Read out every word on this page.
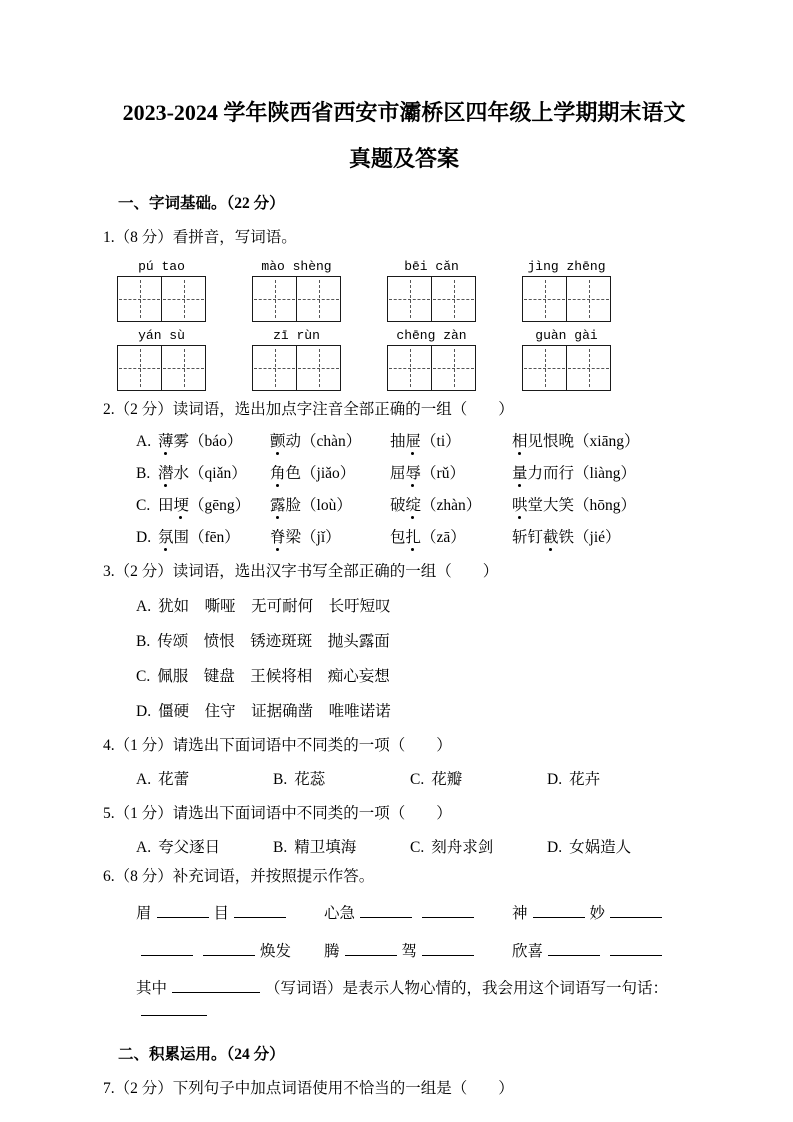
2023-2024 学年陕西省西安市灞桥区四年级上学期期末语文
真题及答案
一、字词基础。（22 分）
1.（8 分）看拼音，写词语。
pú tao	mào shèng	bēi cǎn	jìng zhēng
yán sù	zī rùn	chēng zàn	guàn gài
2.（2 分）读词语，选出加点字注音全部正确的一组（　　）
A. 薄雾（báo）	颤动（chàn）	抽屉（ti）	相见恨晚（xiāng）
B. 潜水（qiǎn）	角色（jiǎo）	屈辱（rǔ）	量力而行（liàng）
C. 田埂（gēng）	露脸（loù）	破绽（zhàn）	哄堂大笑（hōng）
D. 氛围（fēn）	脊梁（jǐ）	包扎（zā）	斩钉截铁（jié）
3.（2 分）读词语，选出汉字书写全部正确的一组（　　）
A. 犹如　嘶哑　无可耐何　长吁短叹
B. 传颂　愤恨　锈迹斑斑　抛头露面
C. 佩服　键盘　王候将相　痴心妄想
D. 僵硬　住守　证据确凿　唯唯诺诺
4.（1 分）请选出下面词语中不同类的一项（　　）
A. 花蕾	B. 花蕊	C. 花瓣	D. 花卉
5.（1 分）请选出下面词语中不同类的一项（　　）
A. 夸父逐日	B. 精卫填海	C. 刻舟求剑	D. 女娲造人
6.（8 分）补充词语，并按照提示作答。
眉	目	心急	神	妙
焕发	腾	驾	欣喜
其中	（写词语）是表示人物心情的，我会用这个词语写一句话：
二、积累运用。（24 分）
7.（2 分）下列句子中加点词语使用不恰当的一组是（　　）
